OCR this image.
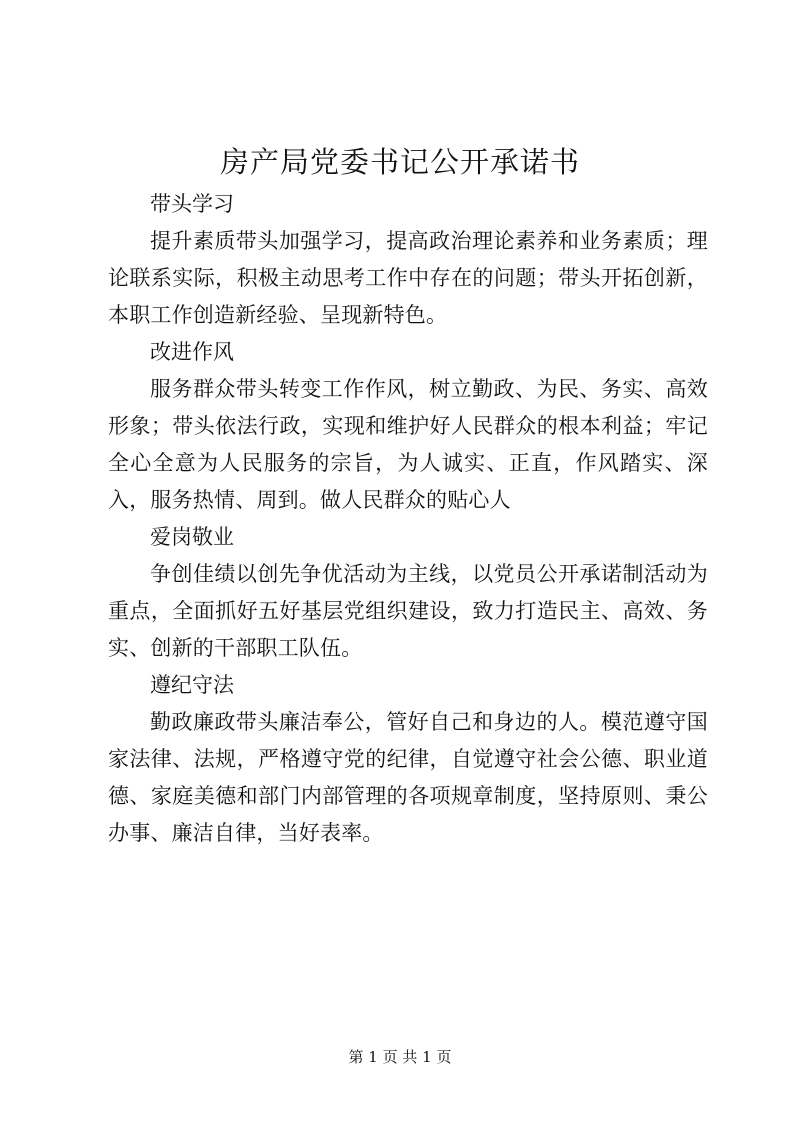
房产局党委书记公开承诺书

带头学习

提升素质带头加强学习，提高政治理论素养和业务素质；理论联系实际，积极主动思考工作中存在的问题；带头开拓创新，本职工作创造新经验、呈现新特色。

改进作风

服务群众带头转变工作作风，树立勤政、为民、务实、高效形象；带头依法行政，实现和维护好人民群众的根本利益；牢记全心全意为人民服务的宗旨，为人诚实、正直，作风踏实、深入，服务热情、周到。做人民群众的贴心人

爱岗敬业

争创佳绩以创先争优活动为主线，以党员公开承诺制活动为重点，全面抓好五好基层党组织建设，致力打造民主、高效、务实、创新的干部职工队伍。

遵纪守法

勤政廉政带头廉洁奉公，管好自己和身边的人。模范遵守国家法律、法规，严格遵守党的纪律，自觉遵守社会公德、职业道德、家庭美德和部门内部管理的各项规章制度，坚持原则、秉公办事、廉洁自律，当好表率。

第 1 页 共 1 页
